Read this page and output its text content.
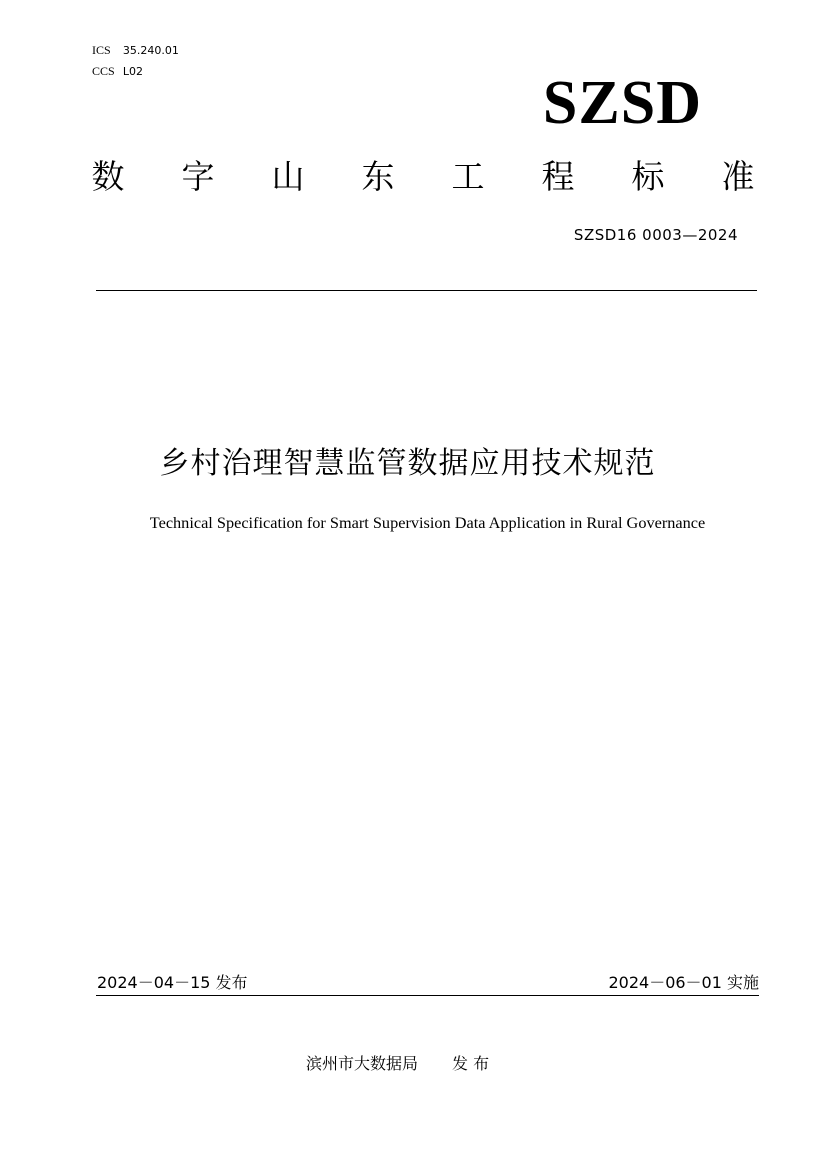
ICS 35.240.01
CCS L02	SZSD
数 字 山 东 工 程 标 准
SZSD16 0003—2024
乡村治理智慧监管数据应用技术规范
Technical Specification for Smart Supervision Data Application in Rural Governance
2024－04－15 发布	2024－06－01 实施
滨州市大数据局 发 布
